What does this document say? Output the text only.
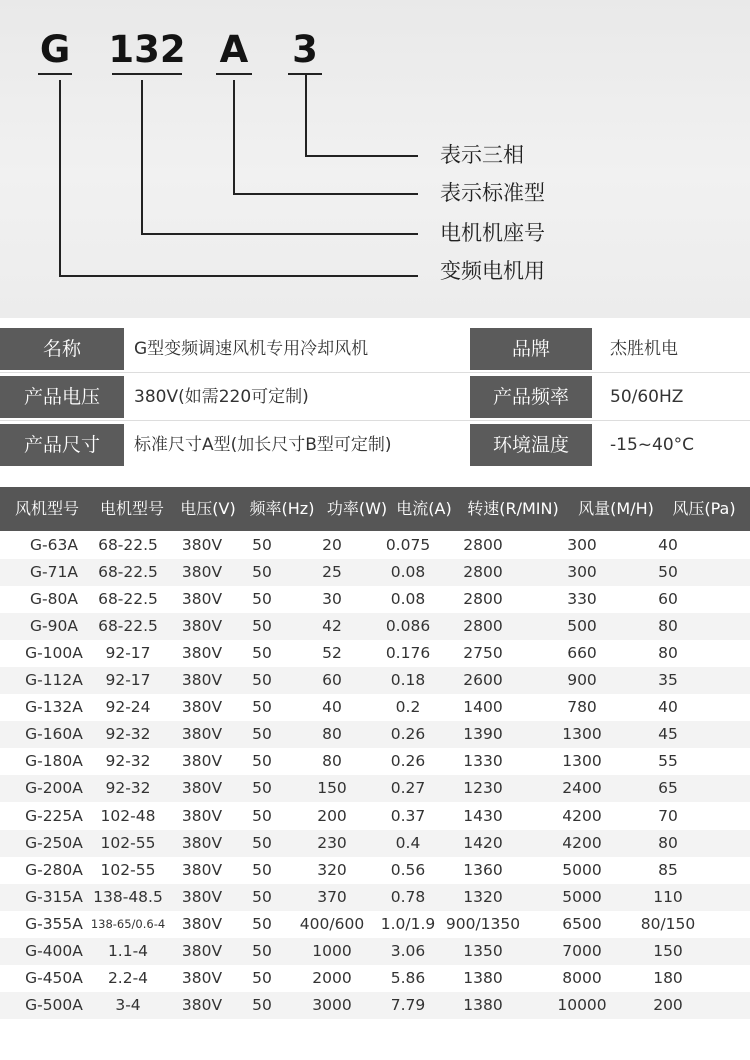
G 132 A 3
表示三相
表示标准型
电机机座号
变频电机用
名称	G型变频调速风机专用冷却风机	品牌	杰胜机电
产品电压	380V(如需220可定制)	产品频率	50/60HZ
产品尺寸	标准尺寸A型(加长尺寸B型可定制)	环境温度	-15~40°C
风机型号	电机型号	电压(V) 频率(Hz) 功率(W) 电流(A) 转速(R/MIN)	风量(M/H)	风压(Pa)
G-63A	68-22.5	380V	50	20	0.075	2800	300	40
G-71A	68-22.5	380V	50	25	0.08	2800	300	50
G-80A	68-22.5	380V	50	30	0.08	2800	330	60
G-90A	68-22.5	380V	50	42	0.086	2800	500	80
G-100A	92-17	380V	50	52	0.176	2750	660	80
G-112A	92-17	380V	50	60	0.18	2600	900	35
G-132A	92-24	380V	50	40	0.2	1400	780	40
G-160A	92-32	380V	50	80	0.26	1390	1300	45
G-180A	92-32	380V	50	80	0.26	1330	1300	55
G-200A	92-32	380V	50	150	0.27	1230	2400	65
G-225A	102-48	380V	50	200	0.37	1430	4200	70
G-250A	102-55	380V	50	230	0.4	1420	4200	80
G-280A	102-55	380V	50	320	0.56	1360	5000	85
G-315A 138-48.5	380V	50	370	0.78	1320	5000	110
G-355A 138-65/0.6-4	380V	50	400/600	1.0/1.9 900/1350	6500	80/150
G-400A	1.1-4	380V	50	1000	3.06	1350	7000	150
G-450A	2.2-4	380V	50	2000	5.86	1380	8000	180
G-500A	3-4	380V	50	3000	7.79	1380	10000	200
